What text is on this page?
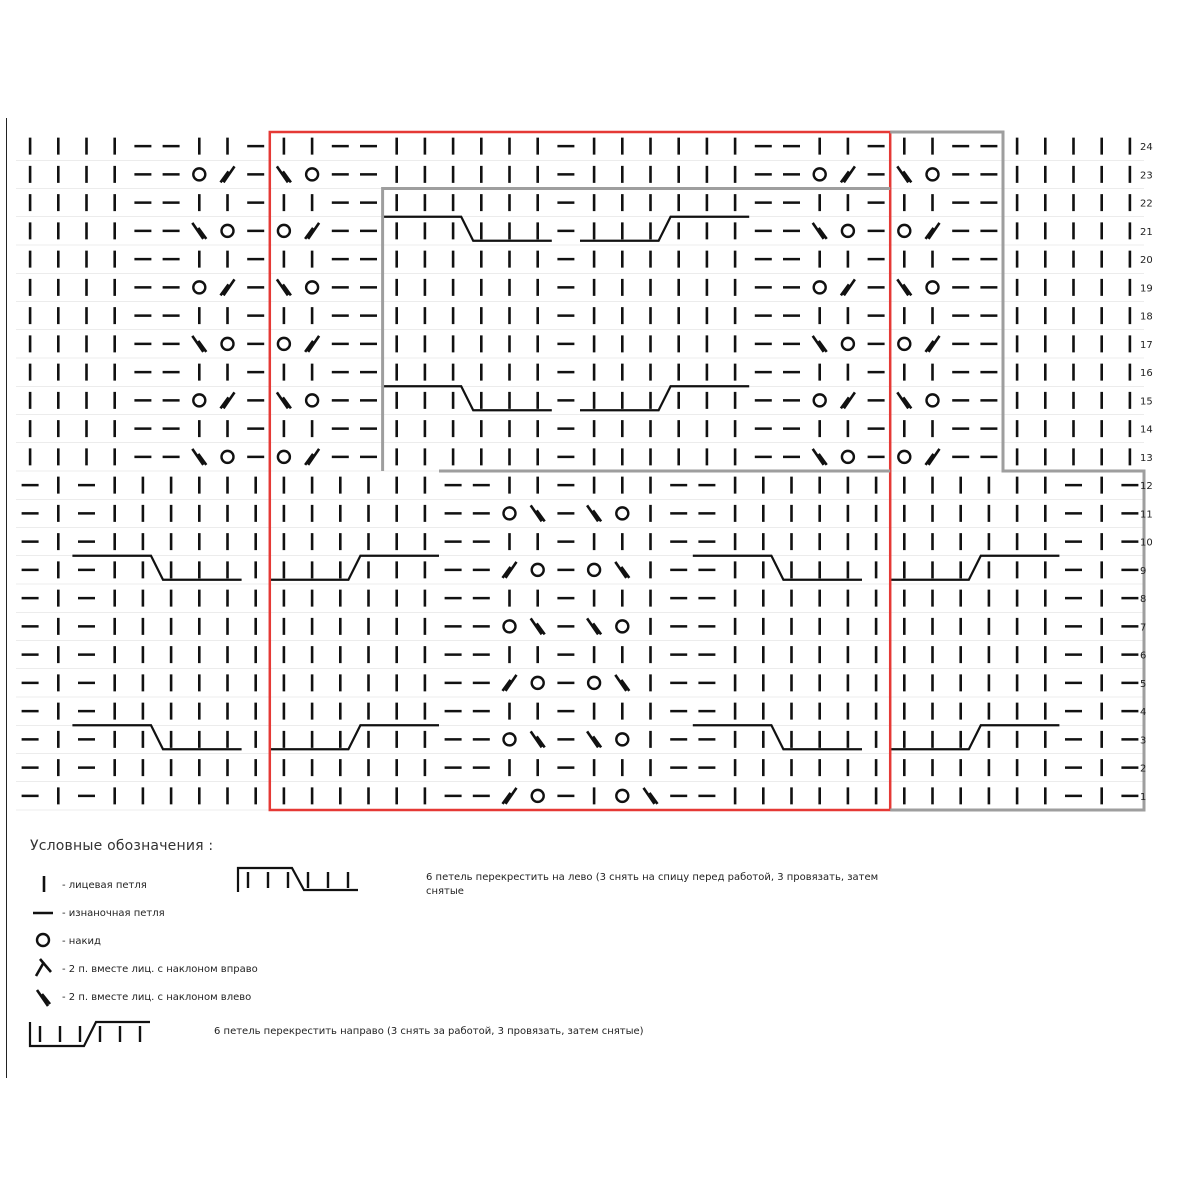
1
2
3
4
5
6
7
8
9
10
11
12
13
14
15
16
17
18
19
20
21
22
23
24
Условные обозначения :
- лицевая петля
- изнаночная петля
- накид
- 2 п. вместе лиц. с наклоном вправо
- 2 п. вместе лиц. с наклоном влево
6 петель перекрестить на лево (3 снять на спицу перед работой, 3 провязать, затем
снятые
6 петель перекрестить направо (3 снять за работой, 3 провязать, затем снятые)
